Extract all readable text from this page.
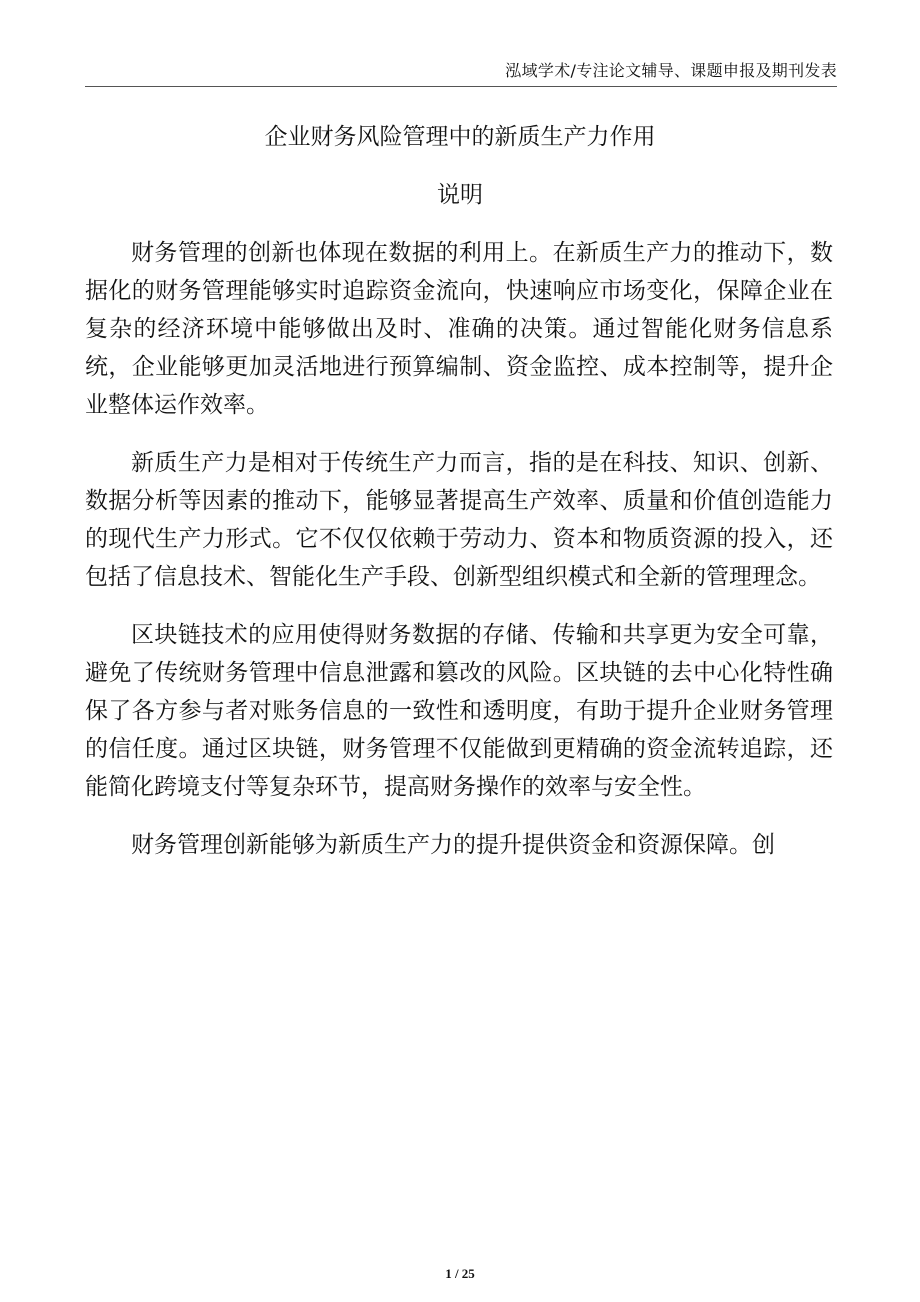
泓域学术/专注论文辅导、课题申报及期刊发表
企业财务风险管理中的新质生产力作用
说明

财务管理的创新也体现在数据的利用上。在新质生产力的推动下，数据化的财务管理能够实时追踪资金流向，快速响应市场变化，保障企业在复杂的经济环境中能够做出及时、准确的决策。通过智能化财务信息系统，企业能够更加灵活地进行预算编制、资金监控、成本控制等，提升企业整体运作效率。

新质生产力是相对于传统生产力而言，指的是在科技、知识、创新、数据分析等因素的推动下，能够显著提高生产效率、质量和价值创造能力的现代生产力形式。它不仅仅依赖于劳动力、资本和物质资源的投入，还包括了信息技术、智能化生产手段、创新型组织模式和全新的管理理念。

区块链技术的应用使得财务数据的存储、传输和共享更为安全可靠，避免了传统财务管理中信息泄露和篡改的风险。区块链的去中心化特性确保了各方参与者对账务信息的一致性和透明度，有助于提升企业财务管理的信任度。通过区块链，财务管理不仅能做到更精确的资金流转追踪，还能简化跨境支付等复杂环节，提高财务操作的效率与安全性。

财务管理创新能够为新质生产力的提升提供资金和资源保障。创

1 / 25
